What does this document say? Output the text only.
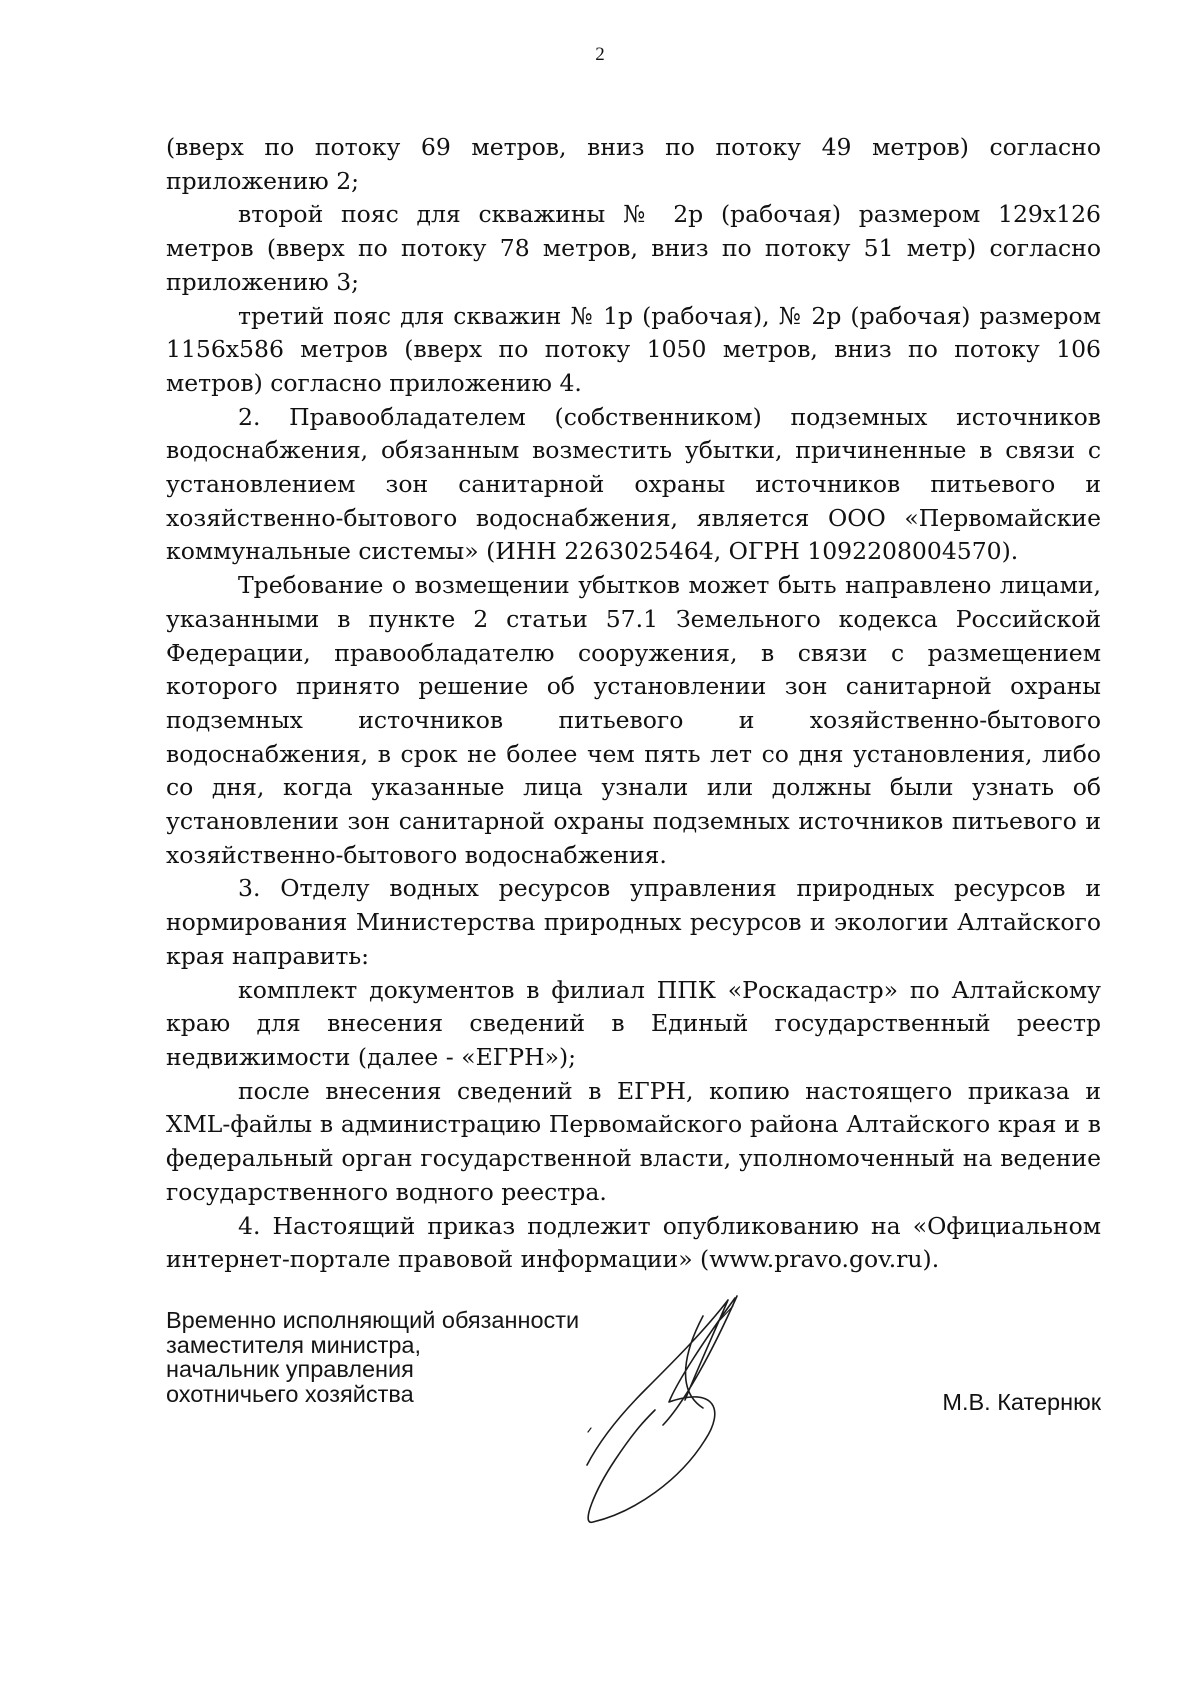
2

(вверх по потоку 69 метров, вниз по потоку 49 метров) согласно приложению 2;

второй пояс для скважины № 2р (рабочая) размером 129х126 метров (вверх по потоку 78 метров, вниз по потоку 51 метр) согласно приложению 3;

третий пояс для скважин № 1р (рабочая), № 2р (рабочая) размером 1156х586 метров (вверх по потоку 1050 метров, вниз по потоку 106 метров) согласно приложению 4.

2. Правообладателем (собственником) подземных источников водоснабжения, обязанным возместить убытки, причиненные в связи с установлением зон санитарной охраны источников питьевого и хозяйственно-бытового водоснабжения, является ООО «Первомайские коммунальные системы» (ИНН 2263025464, ОГРН 1092208004570).

Требование о возмещении убытков может быть направлено лицами, указанными в пункте 2 статьи 57.1 Земельного кодекса Российской Федерации, правообладателю сооружения, в связи с размещением которого принято решение об установлении зон санитарной охраны подземных источников питьевого и хозяйственно-бытового водоснабжения, в срок не более чем пять лет со дня установления, либо со дня, когда указанные лица узнали или должны были узнать об установлении зон санитарной охраны подземных источников питьевого и хозяйственно-бытового водоснабжения.

3. Отделу водных ресурсов управления природных ресурсов и нормирования Министерства природных ресурсов и экологии Алтайского края направить:

комплект документов в филиал ППК «Роскадастр» по Алтайскому краю для внесения сведений в Единый государственный реестр недвижимости (далее - «ЕГРН»);

после внесения сведений в ЕГРН, копию настоящего приказа и XML-файлы в администрацию Первомайского района Алтайского края и в федеральный орган государственной власти, уполномоченный на ведение государственного водного реестра.

4. Настоящий приказ подлежит опубликованию на «Официальном интернет-портале правовой информации» (www.pravo.gov.ru).

Временно исполняющий обязанности
заместителя министра,
начальник управления
охотничьего хозяйства	М.В. Катернюк
